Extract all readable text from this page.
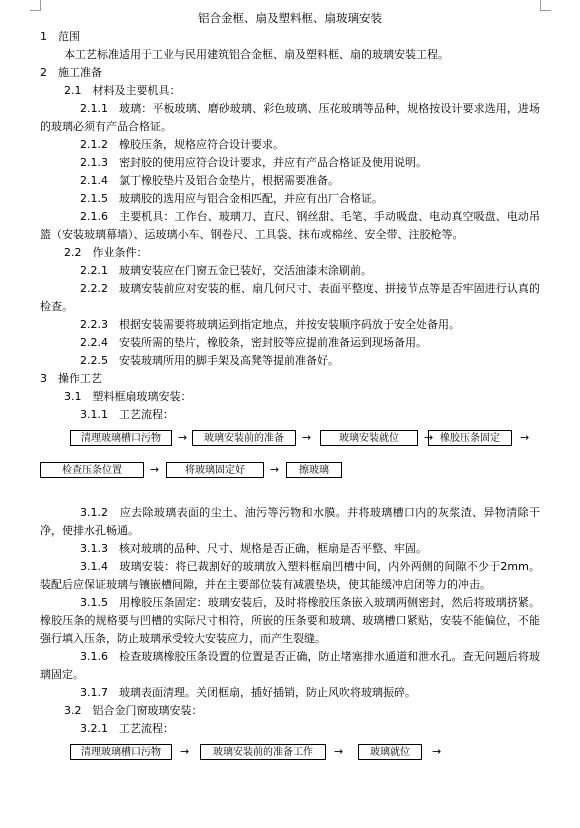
铝合金框、扇及塑料框、扇玻璃安装
1　范围
本工艺标准适用于工业与民用建筑铝合金框、扇及塑料框、扇的玻璃安装工程。
2　施工准备
2.1　材料及主要机具：
2.1.1　玻璃：平板玻璃、磨砂玻璃、彩色玻璃、压花玻璃等品种，规格按设计要求选用，进场的玻璃必须有产品合格证。
2.1.2　橡胶压条，规格应符合设计要求。
2.1.3　密封胶的使用应符合设计要求，并应有产品合格证及使用说明。
2.1.4　氯丁橡胶垫片及铝合金垫片，根据需要准备。
2.1.5　玻璃胶的选用应与铝合金相匹配，并应有出厂合格证。
2.1.6　主要机具：工作台、玻璃刀、直尺、钢丝甜、毛笔、手动吸盘、电动真空吸盘、电动吊篮（安装玻璃幕墙）、运玻璃小车、钢卷尺、工具袋、抹布或棉丝、安全带、注胶枪等。
2.2　作业条件：
2.2.1　玻璃安装应在门窗五金已装好，交活油漆末涂刷前。
2.2.2　玻璃安装前应对安装的框、扇几何尺寸、表面平整度、拼接节点等是否牢固进行认真的检查。
2.2.3　根据安装需要将玻璃运到指定地点，并按安装顺序码放于安全处备用。
2.2.4　安装所需的垫片，橡胶条，密封胶等应提前准备运到现场备用。
2.2.5　安装玻璃所用的脚手架及高凳等提前准备好。
3　操作工艺
3.1　塑料框扇玻璃安装：
3.1.1　工艺流程：
清理玻璃槽口污物	→	玻璃安装前的准备	→	玻璃安装就位	→ 橡胶压条固定	→
检查压条位置	→	将玻璃固定好	→	擦玻璃
3.1.2　应去除玻璃表面的尘土、油污等污物和水膜。并将玻璃槽口内的灰浆渣、异物清除干净，使排水孔畅通。
3.1.3　核对玻璃的品种、尺寸、规格是否正确，框扇是否平整、牢固。
3.1.4　玻璃安装：将已裁割好的玻璃放入塑料框扇凹槽中间，内外两侧的间隙不少于2mm。装配后应保证玻璃与镶嵌槽间隙，并在主要部位装有减震垫块，使其能缓冲启闭等力的冲击。
3.1.5　用橡胶压条固定：玻璃安装后，及时将橡胶压条嵌入玻璃两侧密封，然后将玻璃挤紧。橡胶压条的规格要与凹槽的实际尺寸相符，所嵌的压条要和玻璃、玻璃槽口紧贴，安装不能偏位，不能强行填入压条，防止玻璃承受较大安装应力，而产生裂缝。
3.1.6　检查玻璃橡胶压条设置的位置是否正确，防止堵塞排水通道和泄水孔。查无问题后将玻璃固定。
3.1.7　玻璃表面清理。关闭框扇，插好插销，防止风吹将玻璃振碎。
3.2　铝合金门窗玻璃安装：
3.2.1　工艺流程：
清理玻璃槽口污物	→	玻璃安装前的准备工作	→	玻璃就位	→
